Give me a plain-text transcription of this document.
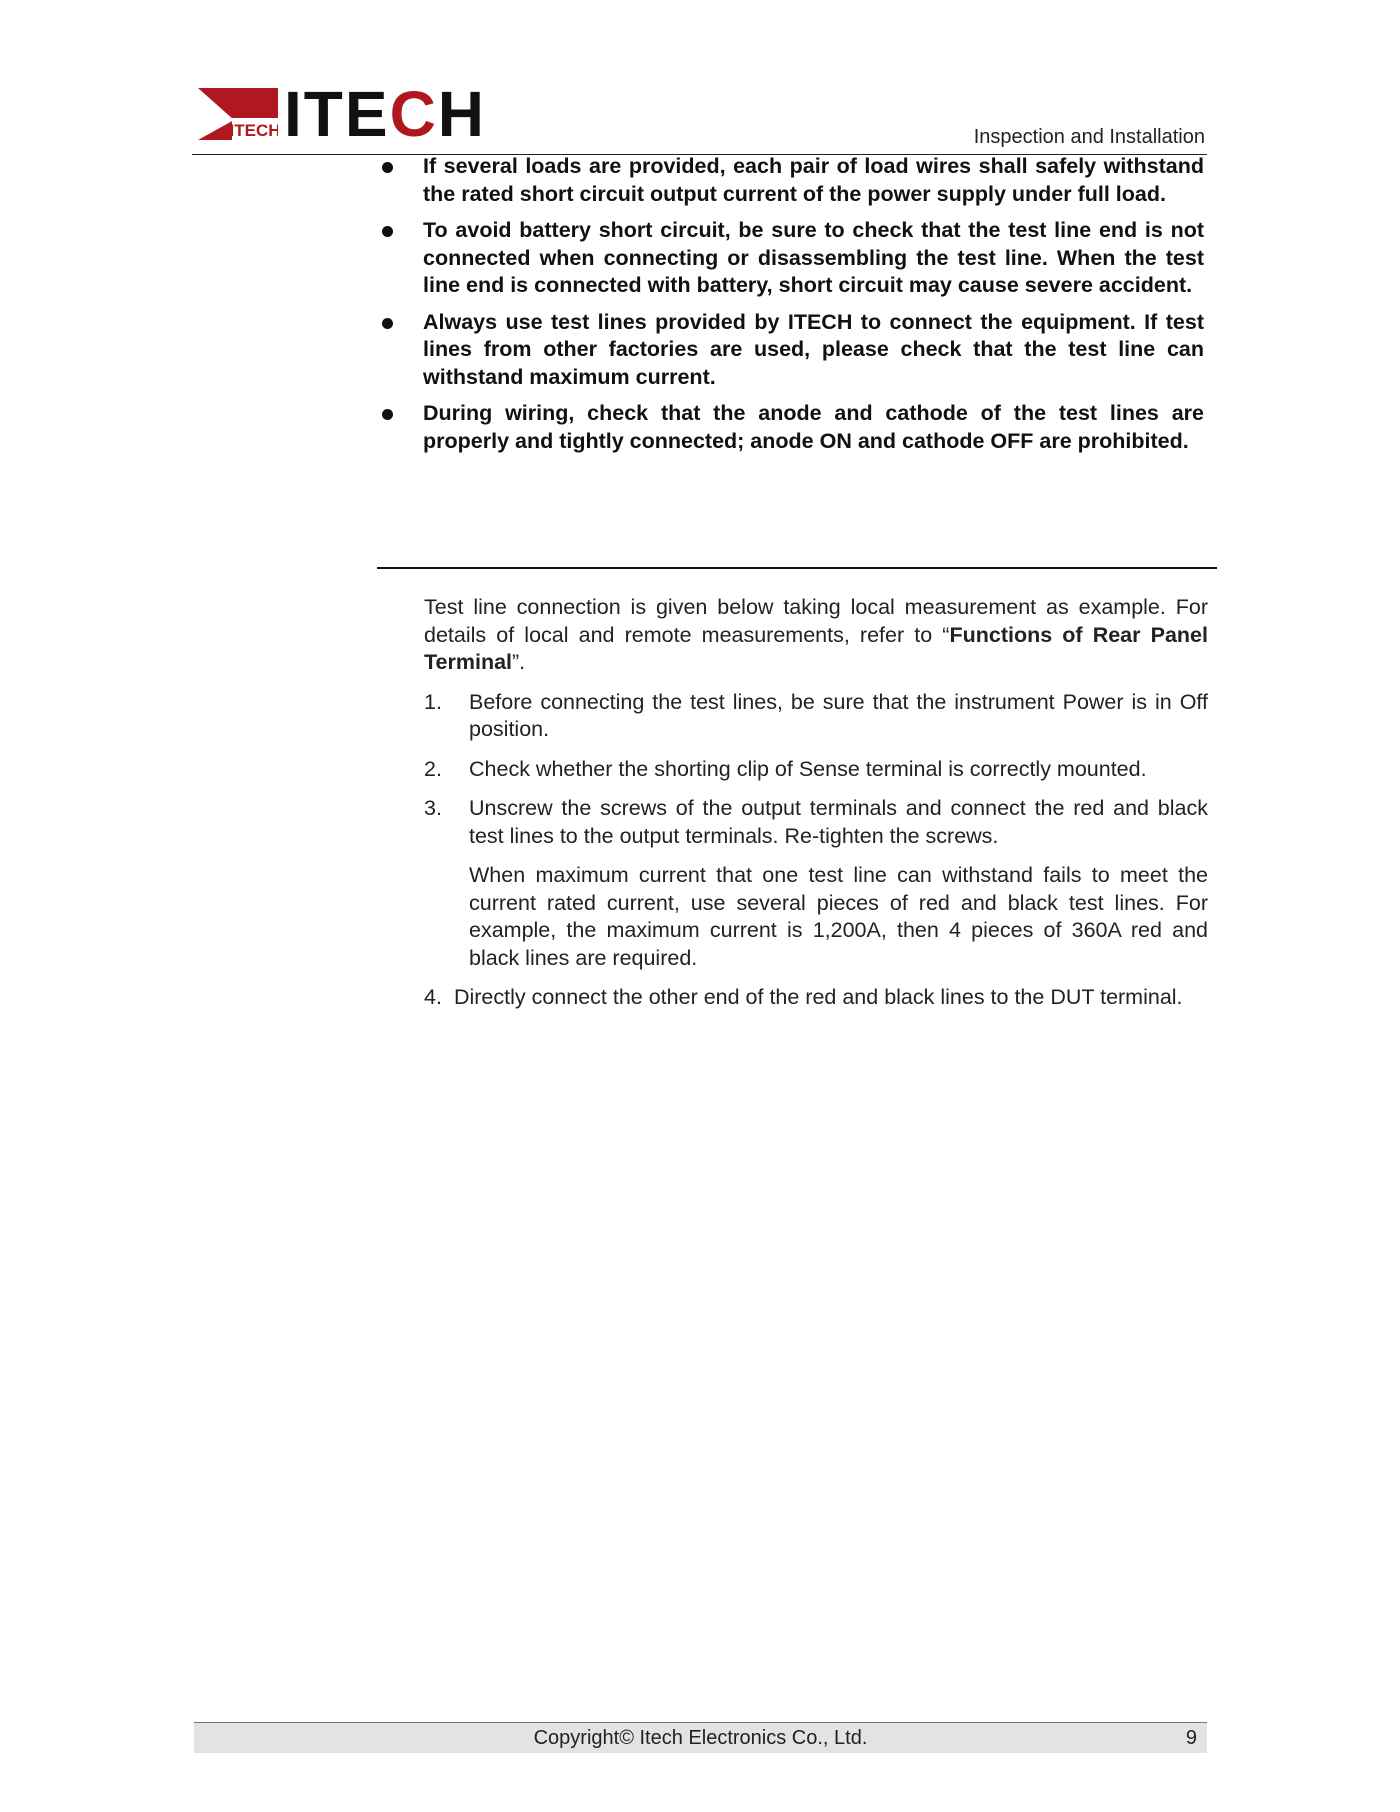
ITECH ITECH	Inspection and Installation
If several loads are provided, each pair of load wires shall safely withstand the rated short circuit output current of the power supply under full load.
To avoid battery short circuit, be sure to check that the test line end is not connected when connecting or disassembling the test line. When the test line end is connected with battery, short circuit may cause severe accident.
Always use test lines provided by ITECH to connect the equipment. If test lines from other factories are used, please check that the test line can withstand maximum current.
During wiring, check that the anode and cathode of the test lines are properly and tightly connected; anode ON and cathode OFF are prohibited.

Test line connection is given below taking local measurement as example. For details of local and remote measurements, refer to “Functions of Rear Panel Terminal”.

1. Before connecting the test lines, be sure that the instrument Power is in Off position.
2. Check whether the shorting clip of Sense terminal is correctly mounted.
3. Unscrew the screws of the output terminals and connect the red and black test lines to the output terminals. Re-tighten the screws.
When maximum current that one test line can withstand fails to meet the current rated current, use several pieces of red and black test lines. For example, the maximum current is 1,200A, then 4 pieces of 360A red and black lines are required.
4. Directly connect the other end of the red and black lines to the DUT terminal.
Copyright© Itech Electronics Co., Ltd.	9
